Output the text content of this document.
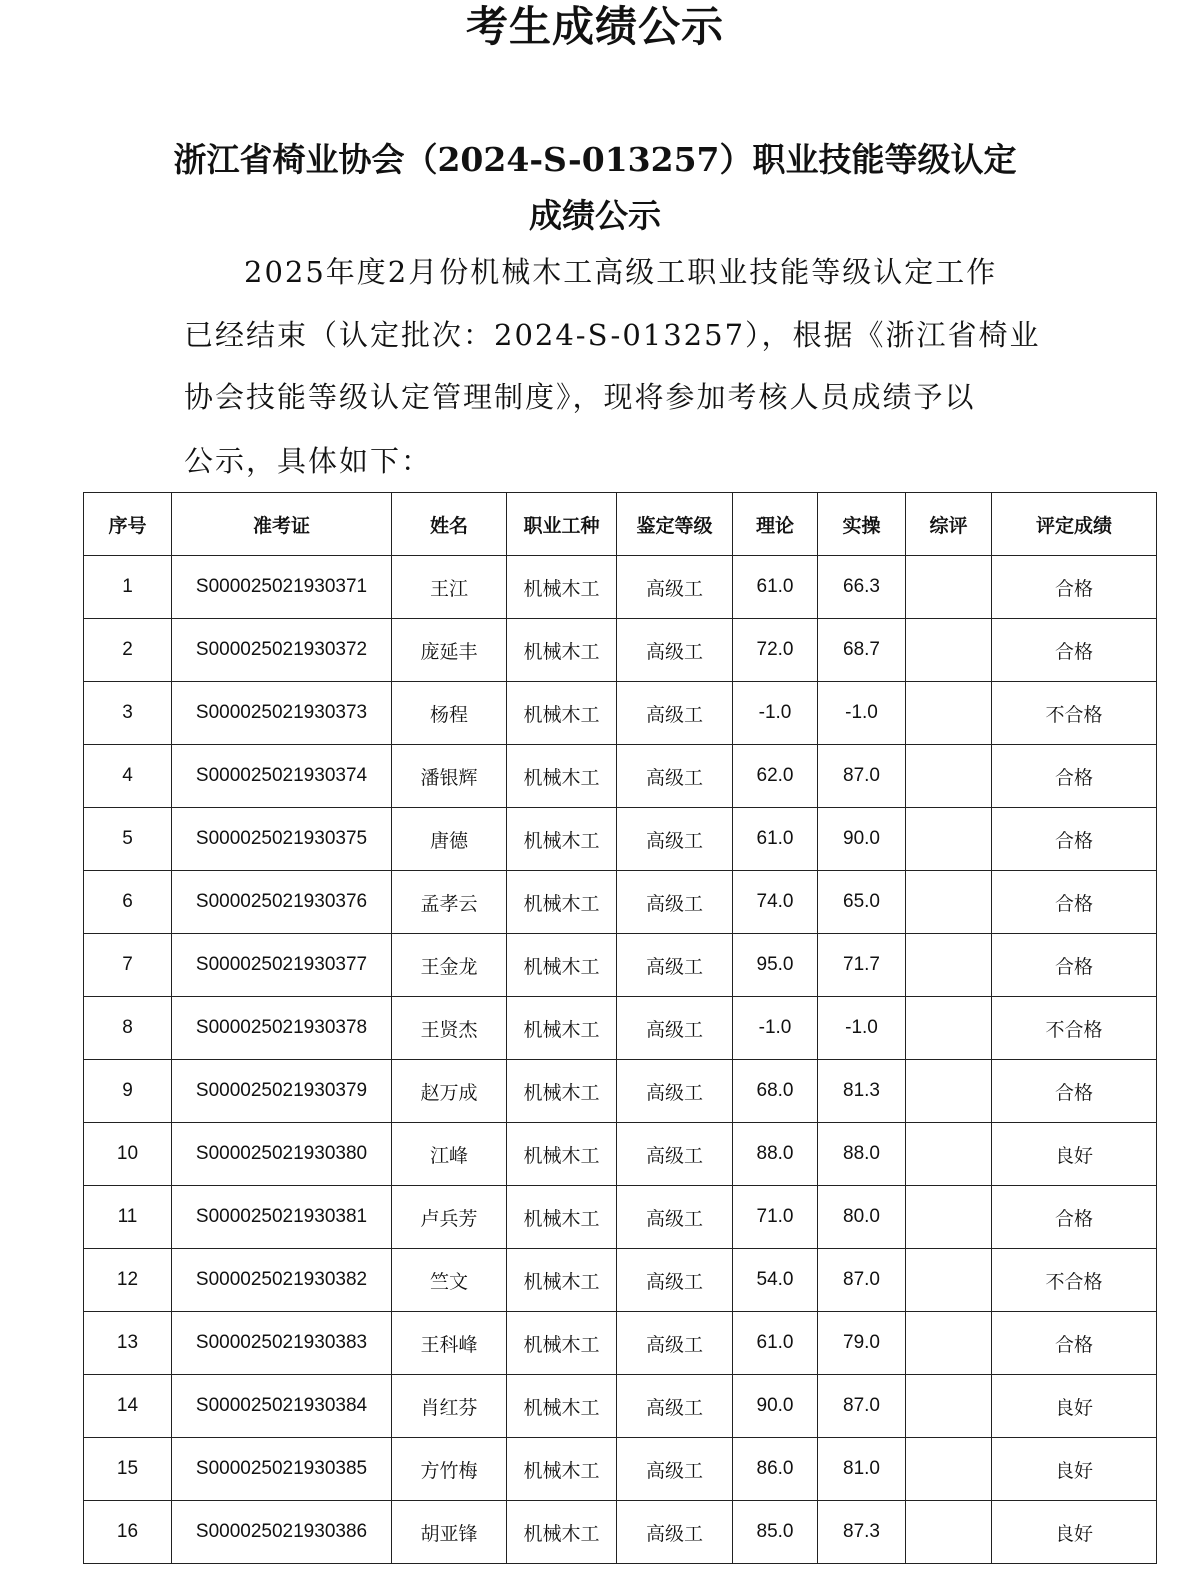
考生成绩公示
浙江省椅业协会（2024-S-013257）职业技能等级认定
成绩公示
2025年度2月份机械木工高级工职业技能等级认定工作
已经结束（认定批次：2024-S-013257），根据《浙江省椅业
协会技能等级认定管理制度》，现将参加考核人员成绩予以
公示，具体如下：
序号	准考证	姓名	职业工种	鉴定等级	理论	实操	综评	评定成绩
1	S000025021930371	王江	机械木工	高级工	61.0	66.3		合格
2	S000025021930372	庞延丰	机械木工	高级工	72.0	68.7		合格
3	S000025021930373	杨程	机械木工	高级工	-1.0	-1.0		不合格
4	S000025021930374	潘银辉	机械木工	高级工	62.0	87.0		合格
5	S000025021930375	唐德	机械木工	高级工	61.0	90.0		合格
6	S000025021930376	孟孝云	机械木工	高级工	74.0	65.0		合格
7	S000025021930377	王金龙	机械木工	高级工	95.0	71.7		合格
8	S000025021930378	王贤杰	机械木工	高级工	-1.0	-1.0		不合格
9	S000025021930379	赵万成	机械木工	高级工	68.0	81.3		合格
10	S000025021930380	江峰	机械木工	高级工	88.0	88.0		良好
11	S000025021930381	卢兵芳	机械木工	高级工	71.0	80.0		合格
12	S000025021930382	竺文	机械木工	高级工	54.0	87.0		不合格
13	S000025021930383	王科峰	机械木工	高级工	61.0	79.0		合格
14	S000025021930384	肖红芬	机械木工	高级工	90.0	87.0		良好
15	S000025021930385	方竹梅	机械木工	高级工	86.0	81.0		良好
16	S000025021930386	胡亚锋	机械木工	高级工	85.0	87.3		良好
